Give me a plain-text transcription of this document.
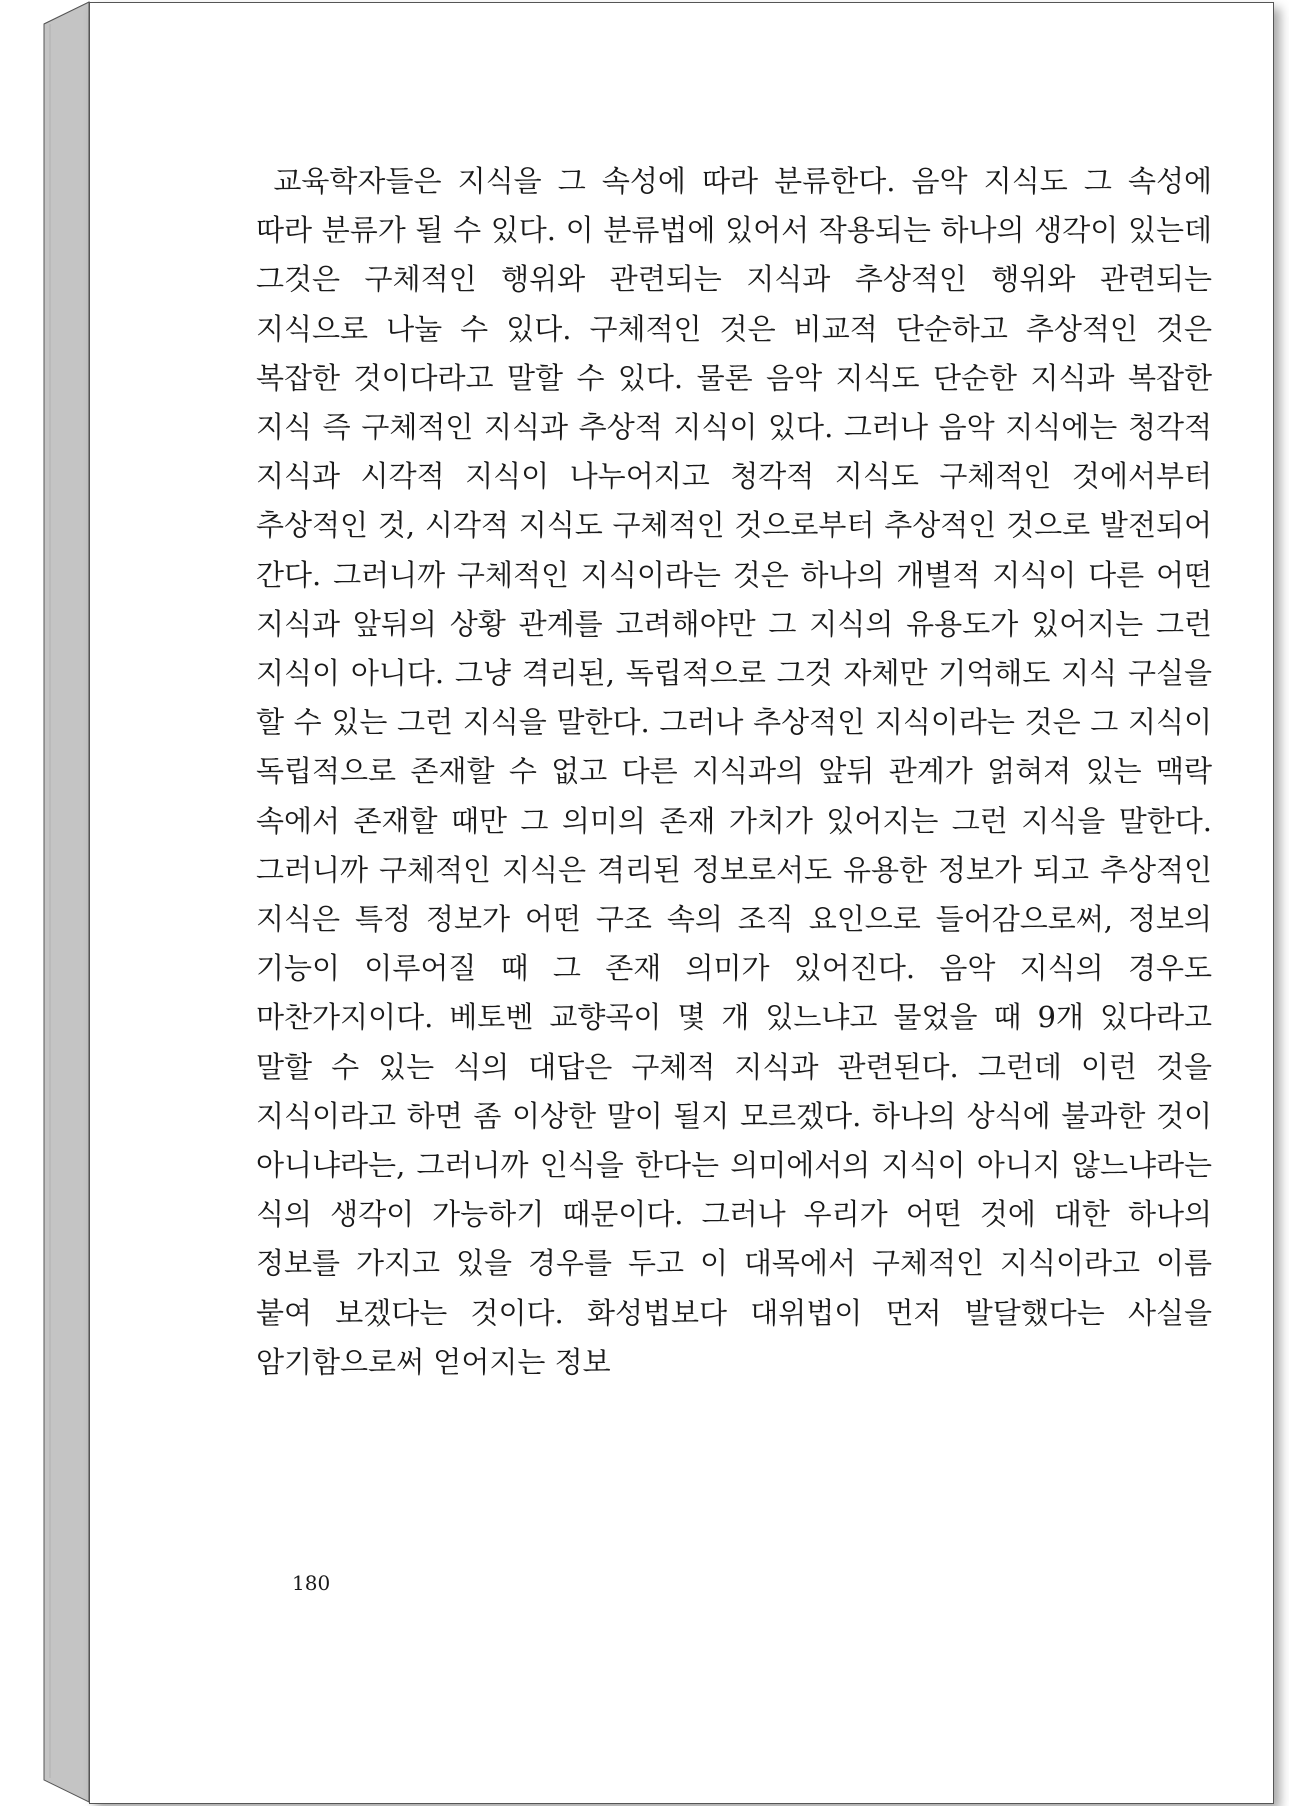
교육학자들은 지식을 그 속성에 따라 분류한다. 음악 지식도 그 속성에 따라 분류가 될 수 있다. 이 분류법에 있어서 작용되는 하나의 생각이 있는데 그것은 구체적인 행위와 관련되는 지식과 추상적인 행위와 관련되는 지식으로 나눌 수 있다. 구체적인 것은 비교적 단순하고 추상적인 것은 복잡한 것이다라고 말할 수 있다. 물론 음악 지식도 단순한 지식과 복잡한 지식 즉 구체적인 지식과 추상적 지식이 있다. 그러나 음악 지식에는 청각적 지식과 시각적 지식이 나누어지고 청각적 지식도 구체적인 것에서부터 추상적인 것, 시각적 지식도 구체적인 것으로부터 추상적인 것으로 발전되어 간다. 그러니까 구체적인 지식이라는 것은 하나의 개별적 지식이 다른 어떤 지식과 앞뒤의 상황 관계를 고려해야만 그 지식의 유용도가 있어지는 그런 지식이 아니다. 그냥 격리된, 독립적으로 그것 자체만 기억해도 지식 구실을 할 수 있는 그런 지식을 말한다. 그러나 추상적인 지식이라는 것은 그 지식이 독립적으로 존재할 수 없고 다른 지식과의 앞뒤 관계가 얽혀져 있는 맥락 속에서 존재할 때만 그 의미의 존재 가치가 있어지는 그런 지식을 말한다. 그러니까 구체적인 지식은 격리된 정보로서도 유용한 정보가 되고 추상적인 지식은 특정 정보가 어떤 구조 속의 조직 요인으로 들어감으로써, 정보의 기능이 이루어질 때 그 존재 의미가 있어진다. 음악 지식의 경우도 마찬가지이다. 베토벤 교향곡이 몇 개 있느냐고 물었을 때 9개 있다라고 말할 수 있는 식의 대답은 구체적 지식과 관련된다. 그런데 이런 것을 지식이라고 하면 좀 이상한 말이 될지 모르겠다. 하나의 상식에 불과한 것이 아니냐라는, 그러니까 인식을 한다는 의미에서의 지식이 아니지 않느냐라는 식의 생각이 가능하기 때문이다. 그러나 우리가 어떤 것에 대한 하나의 정보를 가지고 있을 경우를 두고 이 대목에서 구체적인 지식이라고 이름 붙여 보겠다는 것이다. 화성법보다 대위법이 먼저 발달했다는 사실을 암기함으로써 얻어지는 정보

180
